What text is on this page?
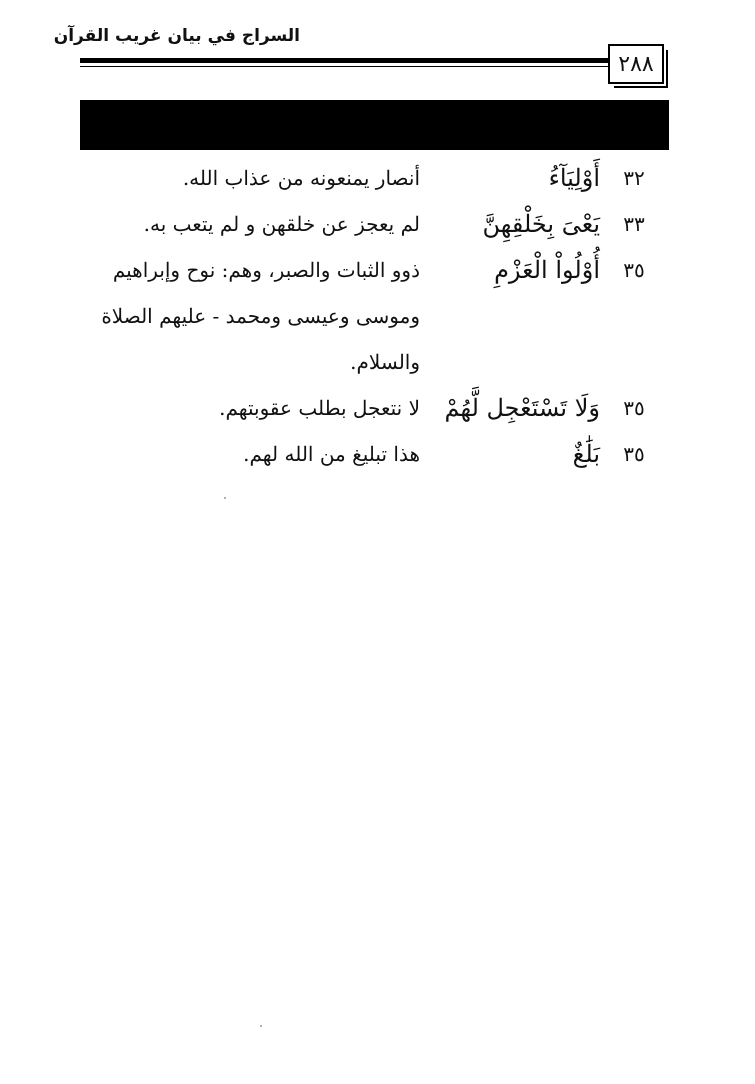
السراج في بيان غريب القرآن
٢٨٨
٣٢
أَوْلِيَآءُ
أنصار يمنعونه من عذاب الله.
٣٣
يَعْىَ بِخَلْقِهِنَّ
لم يعجز عن خلقهن و لم يتعب به.
٣٥
أُوْلُواْ الْعَزْمِ
ذوو الثبات والصبر، وهم: نوح وإبراهيم وموسى وعيسى ومحمد - عليهم الصلاة والسلام.
٣٥
وَلَا تَسْتَعْجِل لَّهُمْ
لا نتعجل بطلب عقوبتهم.
٣٥
بَلَٰغٌ
هذا تبليغ من الله لهم.
